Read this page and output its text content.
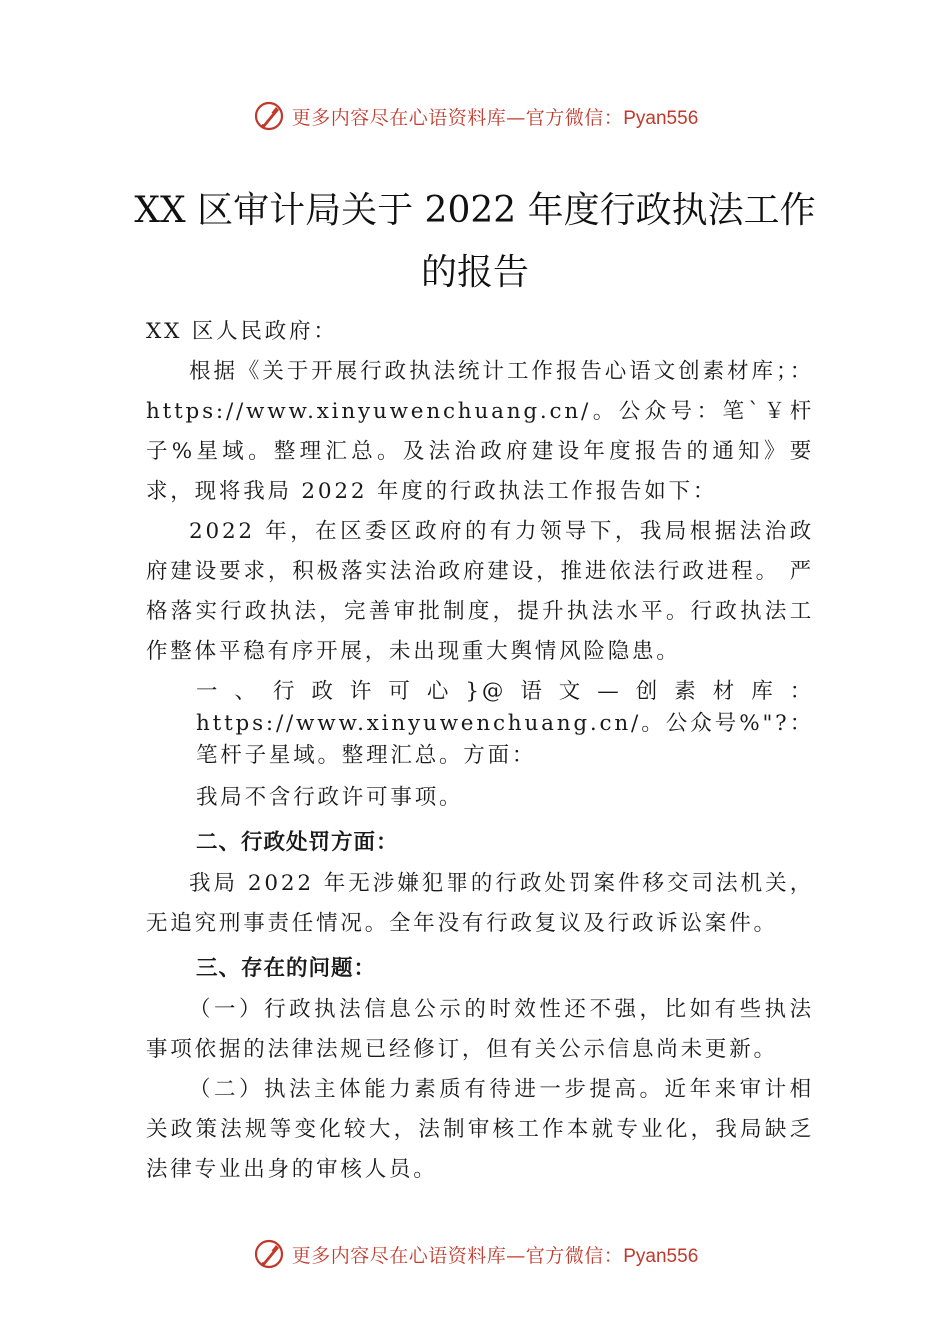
更多内容尽在心语资料库—官方微信：Pyan556
XX 区审计局关于 2022 年度行政执法工作
的报告

XX 区人民政府：

根据《关于开展行政执法统计工作报告心语文创素材库；：https://www.xinyuwenchuang.cn/。公众号：笔`￥杆子%星域。整理汇总。及法治政府建设年度报告的通知》要求，现将我局 2022 年度的行政执法工作报告如下：

2022 年，在区委区政府的有力领导下，我局根据法治政府建设要求，积极落实法治政府建设，推进依法行政进程。 严格落实行政执法，完善审批制度，提升执法水平。行政执法工作整体平稳有序开展，未出现重大舆情风险隐患。

一、行政许可心}@语文—创素材库：https://www.xinyuwenchuang.cn/。公众号%"?：笔杆子星域。整理汇总。方面：

我局不含行政许可事项。

二、行政处罚方面：

我局 2022 年无涉嫌犯罪的行政处罚案件移交司法机关，无追究刑事责任情况。全年没有行政复议及行政诉讼案件。

三、存在的问题：

（一）行政执法信息公示的时效性还不强，比如有些执法事项依据的法律法规已经修订，但有关公示信息尚未更新。

（二）执法主体能力素质有待进一步提高。近年来审计相关政策法规等变化较大，法制审核工作本就专业化，我局缺乏法律专业出身的审核人员。

更多内容尽在心语资料库—官方微信：Pyan556
